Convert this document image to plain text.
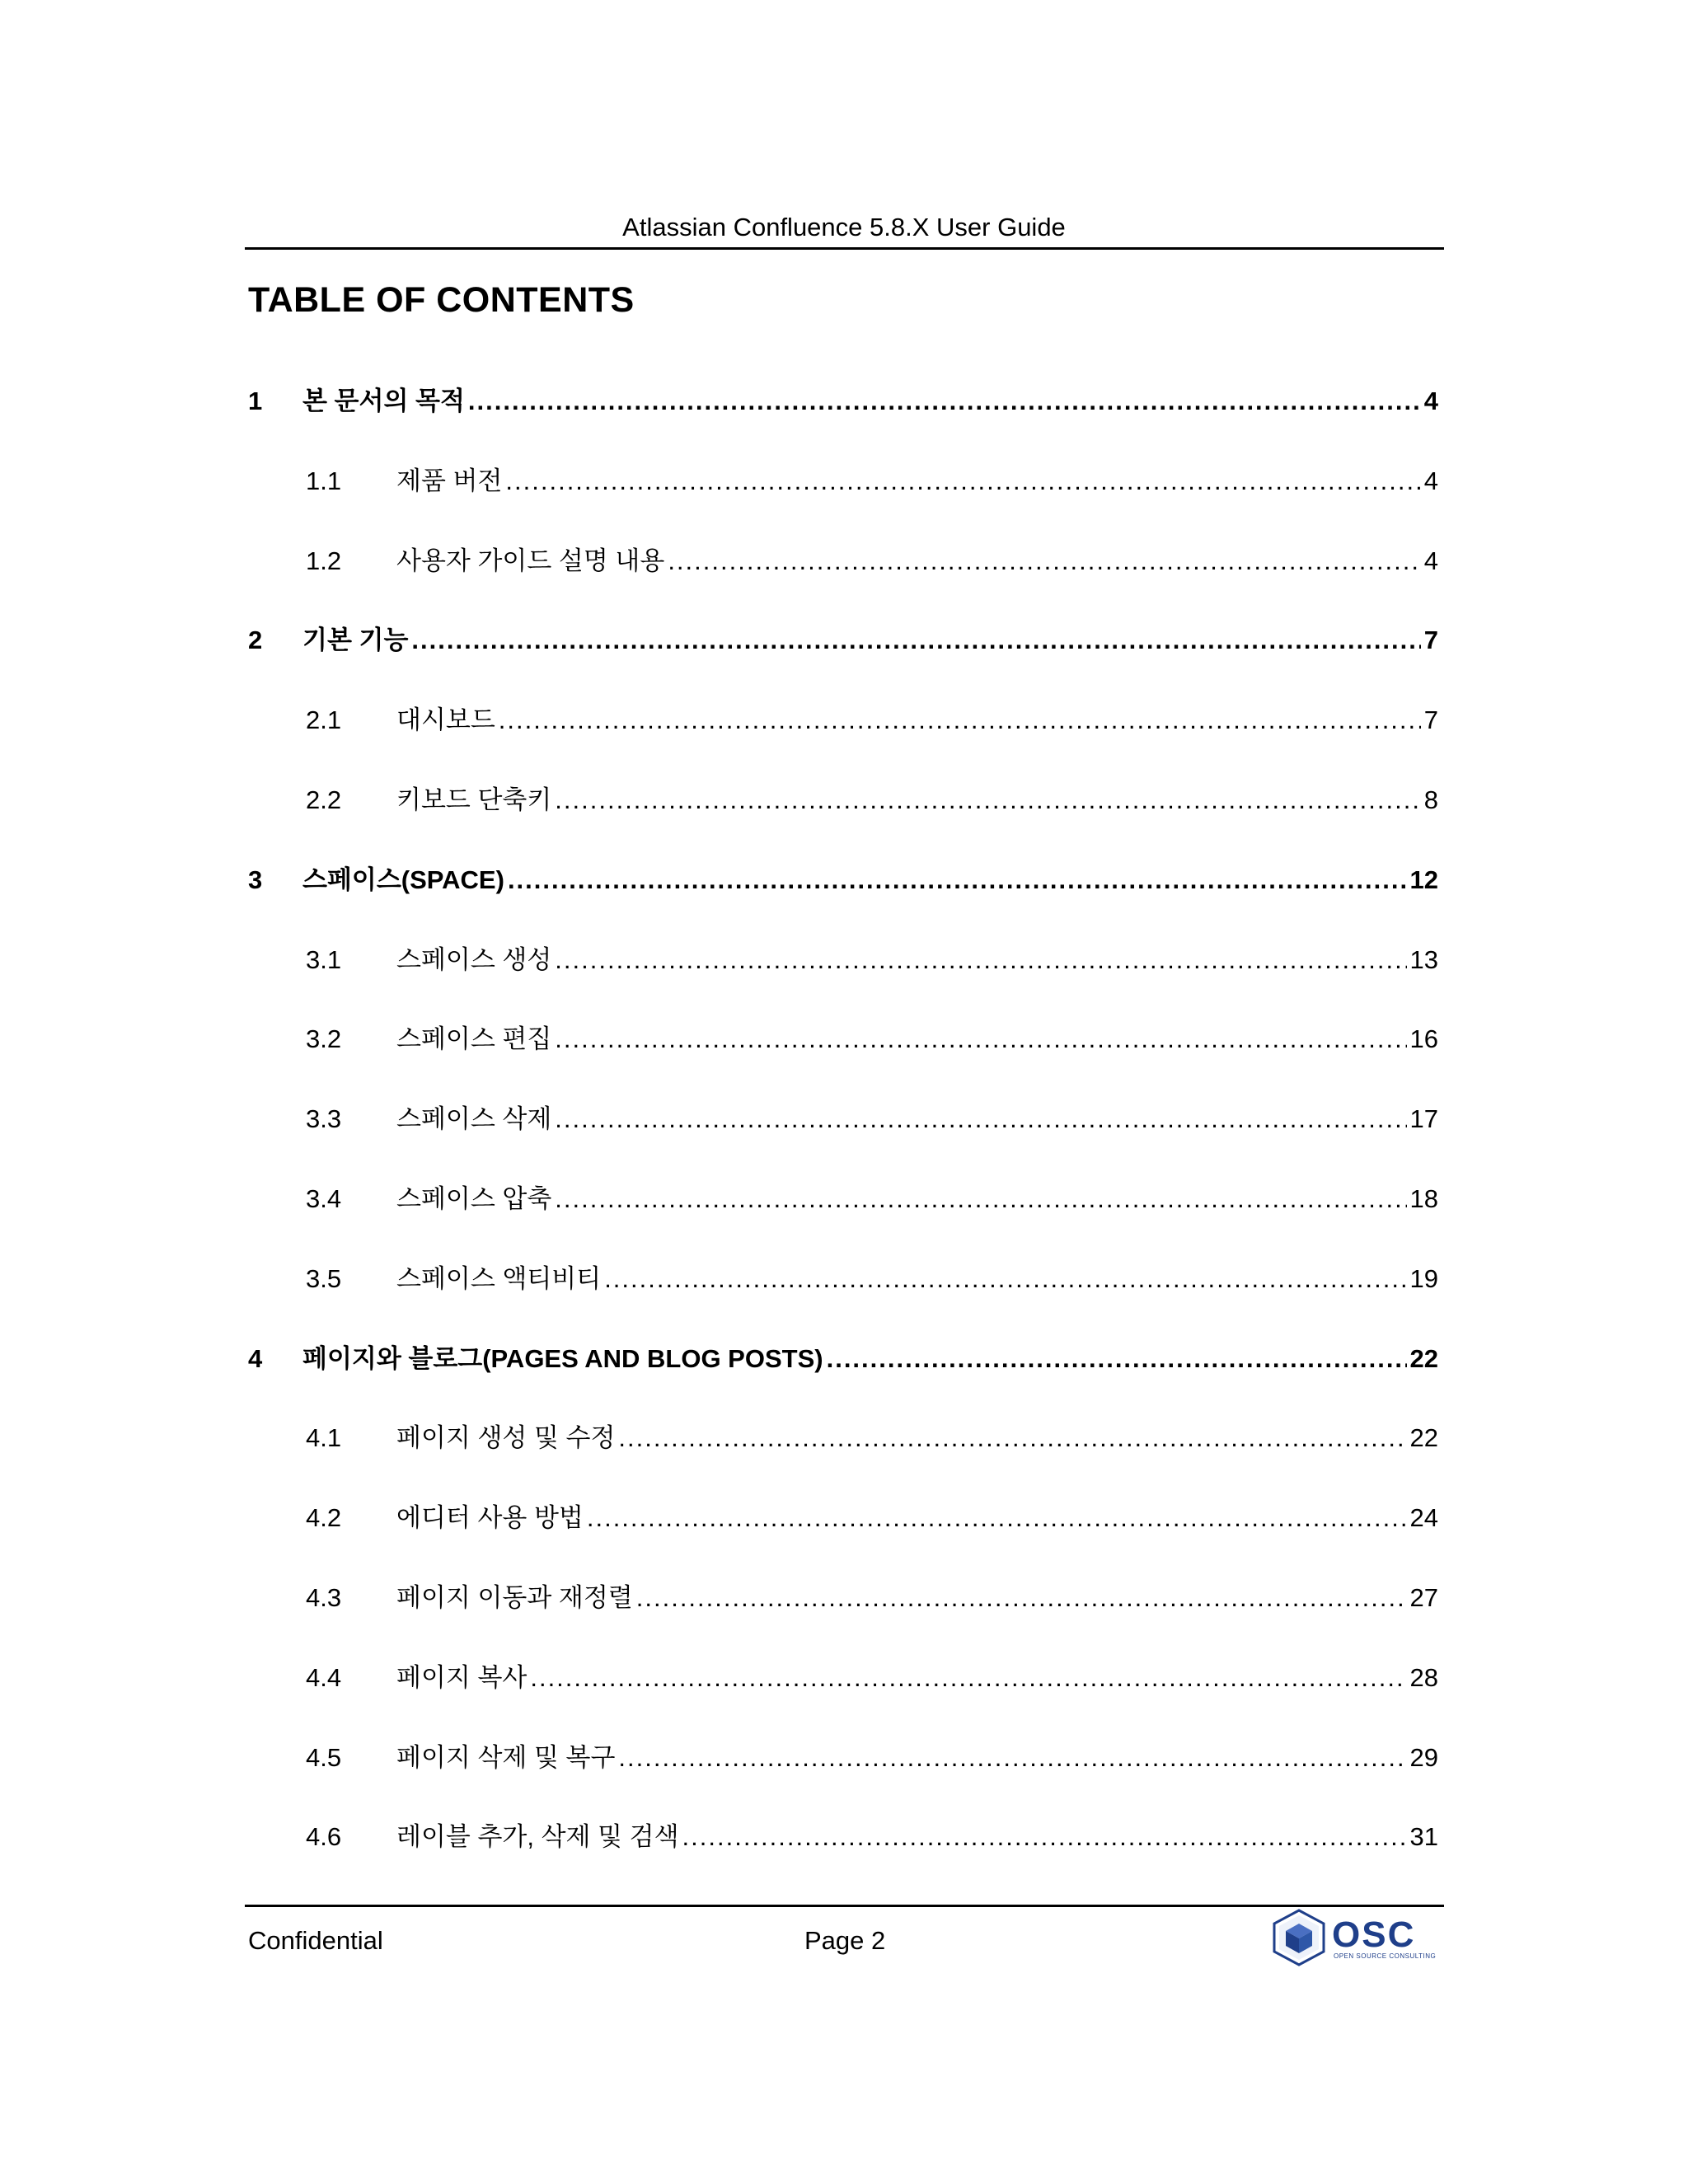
Atlassian Confluence 5.8.X User Guide
TABLE OF CONTENTS
1	본 문서의 목적 .....	4
1.1	제품 버전 .....	4
1.2	사용자 가이드 설명 내용 .....	4
2	기본 기능 .....	7
2.1	대시보드 .....	7
2.2	키보드 단축키 .....	8
3	스페이스(SPACE) .....	12
3.1	스페이스 생성 .....	13
3.2	스페이스 편집 .....	16
3.3	스페이스 삭제 .....	17
3.4	스페이스 압축 .....	18
3.5	스페이스 액티비티 .....	19
4	페이지와 블로그(PAGES AND BLOG POSTS) .....	22
4.1	페이지 생성 및 수정 .....	22
4.2	에디터 사용 방법 .....	24
4.3	페이지 이동과 재정렬 .....	27
4.4	페이지 복사 .....	28
4.5	페이지 삭제 및 복구 .....	29
4.6	레이블 추가, 삭제 및 검색 .....	31
Confidential	Page 2	OSC
OPEN SOURCE CONSULTING
